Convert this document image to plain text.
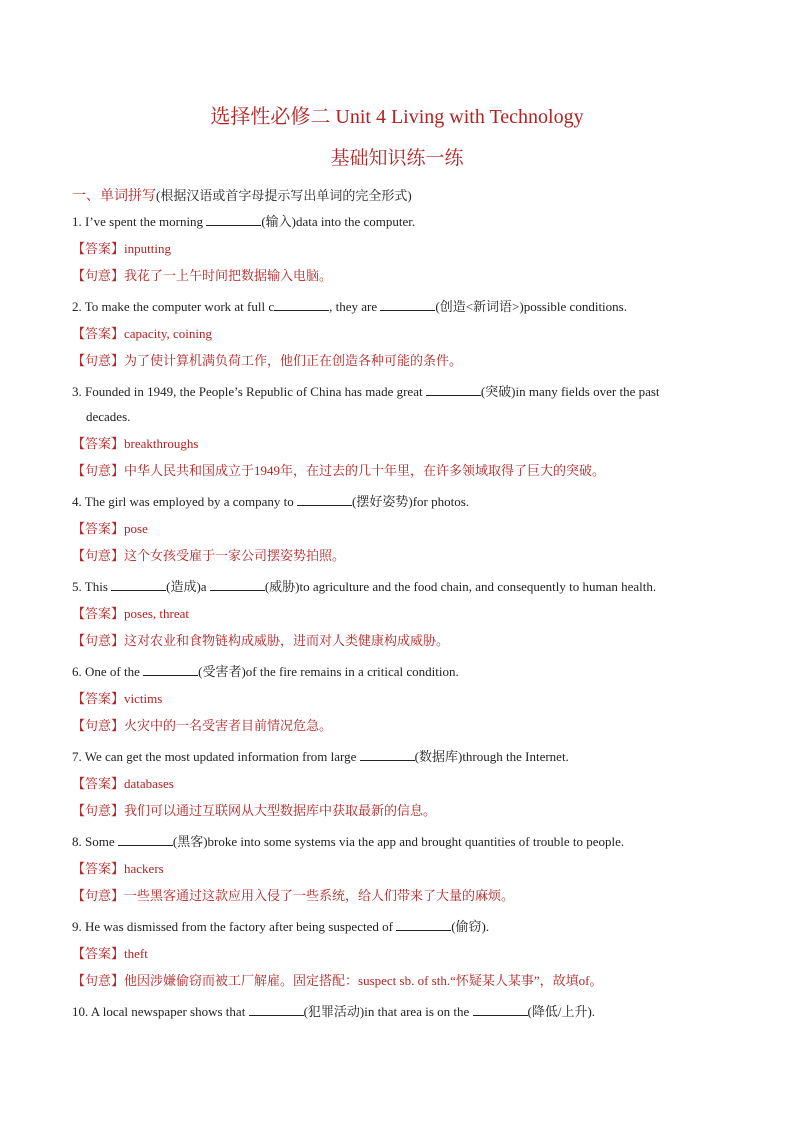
选择性必修二 Unit 4 Living with Technology
基础知识练一练
一、单词拼写(根据汉语或首字母提示写出单词的完全形式)
1. I’ve spent the morning	(输入)data into the computer.
【答案】inputting
【句意】我花了一上午时间把数据输入电脑。
2. To make the computer work at full c	, they are	(创造<新词语>)possible conditions.
【答案】capacity, coining
【句意】为了使计算机满负荷工作，他们正在创造各种可能的条件。
3. Founded in 1949, the People’s Republic of China has made great	(突破)in many fields over the past
decades.
【答案】breakthroughs
【句意】中华人民共和国成立于1949年，在过去的几十年里，在许多领域取得了巨大的突破。
4. The girl was employed by a company to	(摆好姿势)for photos.
【答案】pose
【句意】这个女孩受雇于一家公司摆姿势拍照。
5. This	(造成)a	(威胁)to agriculture and the food chain, and consequently to human health.
【答案】poses, threat
【句意】这对农业和食物链构成威胁，进而对人类健康构成威胁。
6. One of the	(受害者)of the fire remains in a critical condition.
【答案】victims
【句意】火灾中的一名受害者目前情况危急。
7. We can get the most updated information from large	(数据库)through the Internet.
【答案】databases
【句意】我们可以通过互联网从大型数据库中获取最新的信息。
8. Some	(黑客)broke into some systems via the app and brought quantities of trouble to people.
【答案】hackers
【句意】一些黑客通过这款应用入侵了一些系统，给人们带来了大量的麻烦。
9. He was dismissed from the factory after being suspected of	(偷窃).
【答案】theft
【句意】他因涉嫌偷窃而被工厂解雇。固定搭配：suspect sb. of sth.“怀疑某人某事”，故填of。
10. A local newspaper shows that	(犯罪活动)in that area is on the	(降低/上升).
